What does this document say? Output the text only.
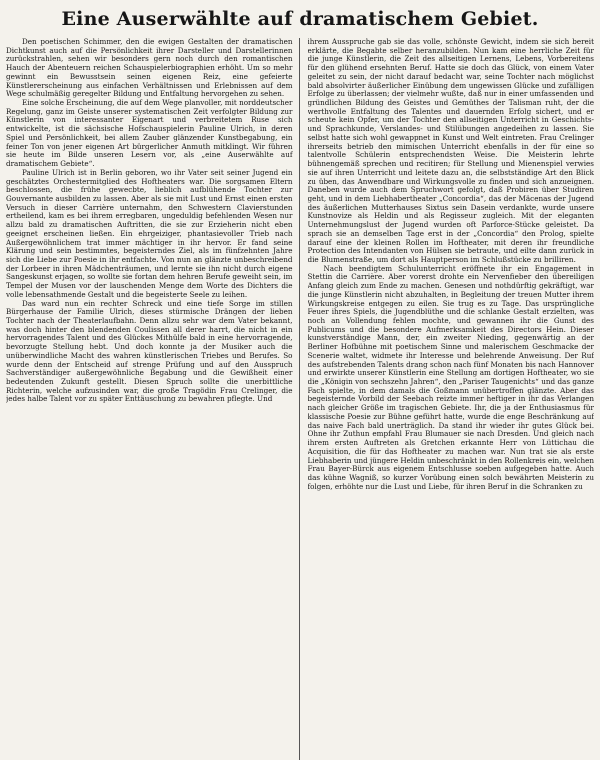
Eine Auserwählte auf dramatischem Gebiet.

Den poetischen Schimmer, den die ewigen Gestalten der dramatischen Dichtkunst auch auf die Persönlichkeit ihrer Darsteller und Darstellerinnen zurückstrahlen, sehen wir besonders gern noch durch den romantischen Hauch der Abenteuern reichen Schauspielerbiographien erhöht. Um so mehr gewinnt ein Bewusstsein seinen eigenen Reiz, eine gefeierte Künstlererscheinung aus einfachen Verhältnissen und Erlebnissen auf dem Wege schulmäßig geregelter Bildung und Entfaltung hervorgehen zu sehen.

Eine solche Erscheinung, die auf dem Wege planvoller, mit norddeutscher Regelung, ganz im Geiste unserer systematischen Zeit verfolgter Bildung zur Künstlerin von interessanter Eigenart und verbreitetem Ruse sich entwickelte, ist die sächsische Hofschauspielerin Pauline Ulrich, in deren Spiel und Persönlichkeit, bei allem Zauber glänzender Kunstbegabung, ein feiner Ton von jener eigenen Art bürgerlicher Anmuth mitklingt. Wir führen sie heute im Bilde unseren Lesern vor, als „eine Auserwählte auf dramatischem Gebiete“.

Pauline Ulrich ist in Berlin geboren, wo ihr Vater seit seiner Jugend ein geschätztes Orchestermitglied des Hoftheaters war. Die sorgsamen Eltern beschlossen, die frühe gewecbte, lieblich aufblühende Tochter zur Gouvernante ausbilden zu lassen. Aber als sie mit Lust und Ernst einen ersten Versuch in dieser Carrière unternahm, den Schwestern Clavierstunden ertheilend, kam es bei ihrem erregbaren, ungeduldig befehlenden Wesen nur allzu bald zu dramatischen Auftritten, die sie zur Erzieherin nicht eben geeignet erscheinen ließen. Ein ehrgeiziger, phantasievoller Trieb nach Außergewöhnlichem trat immer mächtiger in ihr hervor. Er fand seine Klärung und sein bestimmtes, begeisterndes Ziel, als im fünfzehnten Jahre sich die Liebe zur Poesie in ihr entfachte. Von nun an glänzte unbeschreibend der Lorbeer in ihren Mädchenträumen, und lernte sie ihn nicht durch eigene Sangeskunst erjagen, so wollte sie fortan dem hehren Berufe geweiht sein, im Tempel der Musen vor der lauschenden Menge dem Worte des Dichters die volle lebensathmende Gestalt und die begeisterte Seele zu leihen.

Das ward nun ein rechter Schreck und eine tiefe Sorge im stillen Bürgerhause der Familie Ulrich, dieses stürmische Drängen der lieben Tochter nach der Theaterlaufbahn. Denn allzu sehr war dem Vater bekannt, was doch hinter den blendenden Coulissen all derer harrt, die nicht in ein hervorragendes Talent und des Glückes Mithülfe bald in eine hervorragende, bevorzugte Stellung hebt. Und doch konnte ja der Musiker auch die unüberwindliche Macht des wahren künstlerischen Triebes und Berufes. So wurde denn der Entscheid auf strenge Prüfung und auf den Ausspruch Sachverständiger außergewöhnliche Begabung und die Gewißheit einer bedeutenden Zukunft gestellt. Diesen Spruch sollte die unerbittliche Richterin, welche aufzusinden war, die große Tragödin Frau Crelinger, die jedes halbe Talent vor zu später Enttäuschung zu bewahren pflegte. Und

ihrem Ausspruche gab sie das volle, schönste Gewicht, indem sie sich bereit erklärte, die Begabte selber heranzubilden. Nun kam eine herrliche Zeit für die junge Künstlerin, die Zeit des allseitigen Lernens, Lebens, Vorbereitens für den glühend ersehnten Beruf. Hatte sie doch das Glück, von einem Vater geleitet zu sein, der nicht darauf bedacht war, seine Tochter nach möglichst bald absolvirter äußerlicher Einübung dem ungewissen Glücke und zufälligen Erfolge zu überlassen; der vielmehr wußte, daß nur in einer umfassenden und gründlichen Bildung des Geistes und Gemüthes der Talisman ruht, der die werthvolle Entfaltung des Talentes und dauernden Erfolg sichert, und er scheute kein Opfer, um der Tochter den allseitigen Unterricht in Geschichts- und Sprachkunde, Verslandes- und Stilübungen angedeihen zu lassen. Sie selbst hatte sich wohl gewappnet in Kunst und Welt eintreten. Frau Crelinger ihrerseits betrieb den mimischen Unterricht ebenfalls in der für eine so talentvolle Schülerin entsprechendsten Weise. Die Meisterin lehrte bühnengemäß sprechen und recitiren; für Stellung und Mienenspiel verwies sie auf ihren Unterricht und leitete dazu an, die selbstständige Art den Blick zu üben, das Anwendbare und Wirkungsvolle zu finden und sich anzueignen. Daneben wurde auch dem Spruchwort gefolgt, daß Probiren über Studiren geht, und in dem Liebhabertheater „Concordia“, das der Mäcenas der Jugend des äußerlichen Mutterhauses Sixtus sein Dasein verdankte, wurde unsere Kunstnovize als Heldin und als Regisseur zugleich. Mit der eleganten Unternehmungslust der Jugend wurden oft Parforce-Stücke geleistet. Da sprach sie an demselben Tage erst in der „Concordia“ den Prolog, spielte darauf eine der kleinen Rollen im Hoftheater, mit deren ihr freundliche Protection des Intendanten von Hülsen sie betraute, und eilte dann zurück in die Blumenstraße, um dort als Hauptperson im Schlußstücke zu brilliren.

Nach beendigtem Schulunterricht eröffnete ihr ein Engagement in Stettin die Carrière. Aber vorerst drohte ein Nervenfieber den übereiligen Anfang gleich zum Ende zu machen. Genesen und nothdürftig gekräftigt, war die junge Künstlerin nicht abzuhalten, in Begleitung der treuen Mutter ihrem Wirkungskreise entgegen zu eilen. Sie trug es zu Tage. Das ursprüngliche Feuer ihres Spiels, die Jugendblüthe und die schlanke Gestalt erzielten, was noch an Vollendung fehlen mochte, und gewannen ihr die Gunst des Publicums und die besondere Aufmerksamkeit des Directors Hein. Dieser kunstverständige Mann, der, ein zweiter Nieding, gegenwärtig an der Berliner Hofbühne mit poetischem Sinne und malerischem Geschmacke der Scenerie waltet, widmete ihr Interesse und belehrende Anweisung. Der Ruf des aufstrebenden Talents drang schon nach fünf Monaten bis nach Hannover und erwirkte unserer Künstlerin eine Stellung am dortigen Hoftheater, wo sie die „Königin von sechszehn Jahren“, den „Pariser Taugenichts“ und das ganze Fach spielte, in dem damals die Goßmann unübertroffen glänzte. Aber das begeisternde Vorbild der Seebach reizte immer heftiger in ihr das Verlangen nach gleicher Größe im tragischen Gebiete. Ihr, die ja der Enthusiasmus für klassische Poesie zur Bühne geführt hatte, wurde die enge Beschränkung auf das naive Fach bald unerträglich. Da stand ihr wieder ihr gutes Glück bei. Ohne ihr Zuthun empfahl Frau Blumauer sie nach Dresden. Und gleich nach ihrem ersten Auftreten als Gretchen erkannte Herr von Lüttichau die Acquisition, die für das Hoftheater zu machen war. Nun trat sie als erste Liebhaberin und jüngere Heldin unbeschränkt in den Rollenkreis ein, welchen Frau Bayer-Bürck aus eigenem Entschlusse soeben aufgegeben hatte. Auch das kühne Wagniß, so kurzer Vorübung einen solch bewährten Meisterin zu folgen, erhöhte nur die Lust und Liebe, für ihren Beruf in die Schranken zu
